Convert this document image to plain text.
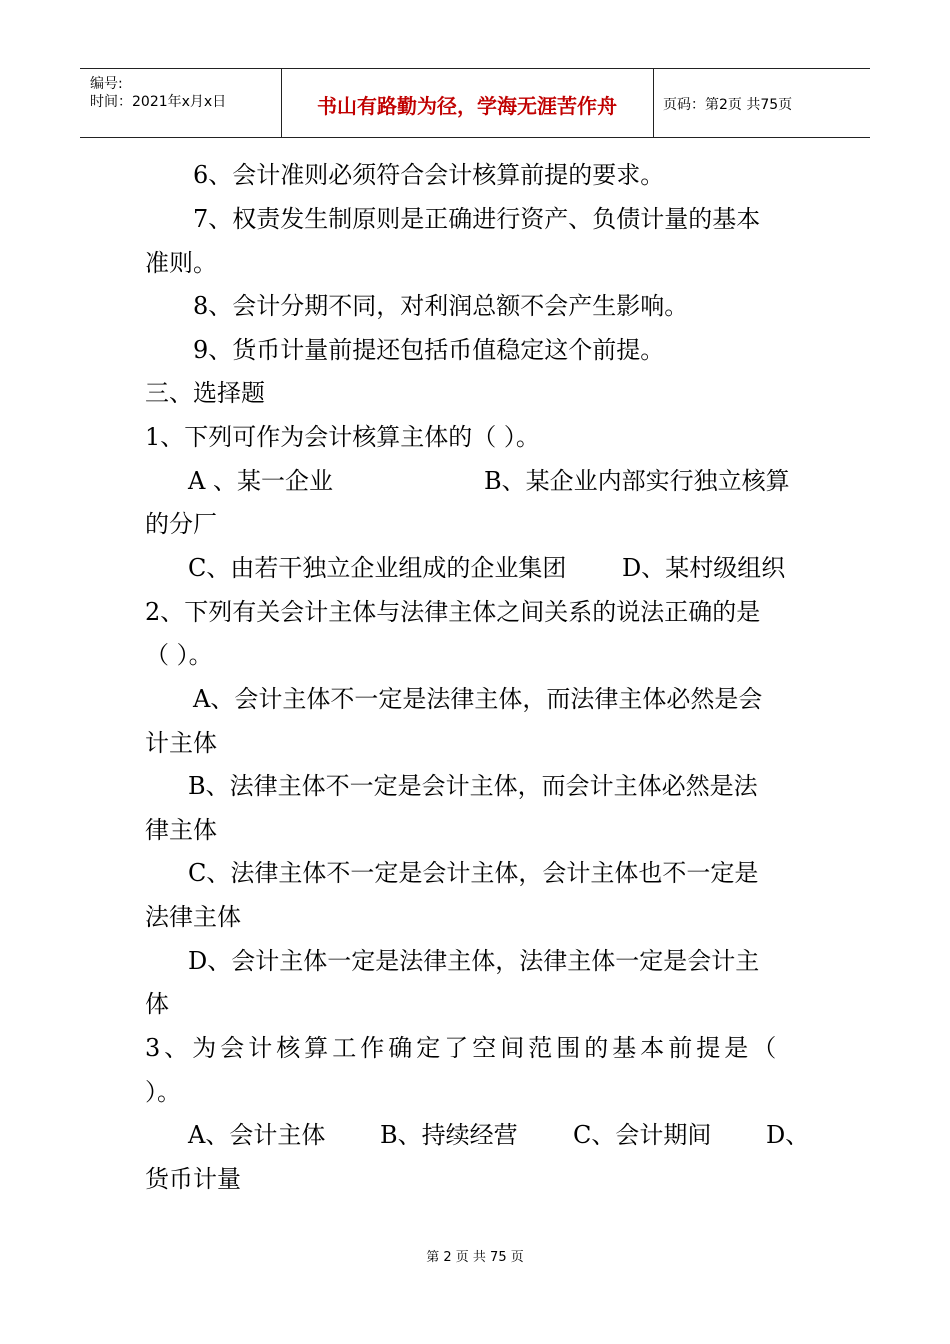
编号:
时间：2021年x月x日	书山有路勤为径，学海无涯苦作舟	页码：第2页 共75页
6、会计准则必须符合会计核算前提的要求。
7、权责发生制原则是正确进行资产、负债计量的基本
准则。
8、会计分期不同，对利润总额不会产生影响。
9、货币计量前提还包括币值稳定这个前提。
三、选择题
1、下列可作为会计核算主体的（ ）。
A 、某一企业	B、某企业内部实行独立核算
的分厂
C、由若干独立企业组成的企业集团 D、某村级组织
2、下列有关会计主体与法律主体之间关系的说法正确的是
（ ）。
A、会计主体不一定是法律主体，而法律主体必然是会
计主体
B、法律主体不一定是会计主体，而会计主体必然是法
律主体
C、法律主体不一定是会计主体，会计主体也不一定是
法律主体
D、会计主体一定是法律主体，法律主体一定是会计主
体
3、为会计核算工作确定了空间范围的基本前提是（
）。
A、会计主体 B、持续经营 C、会计期间 D、
货币计量
第 2 页 共 75 页
